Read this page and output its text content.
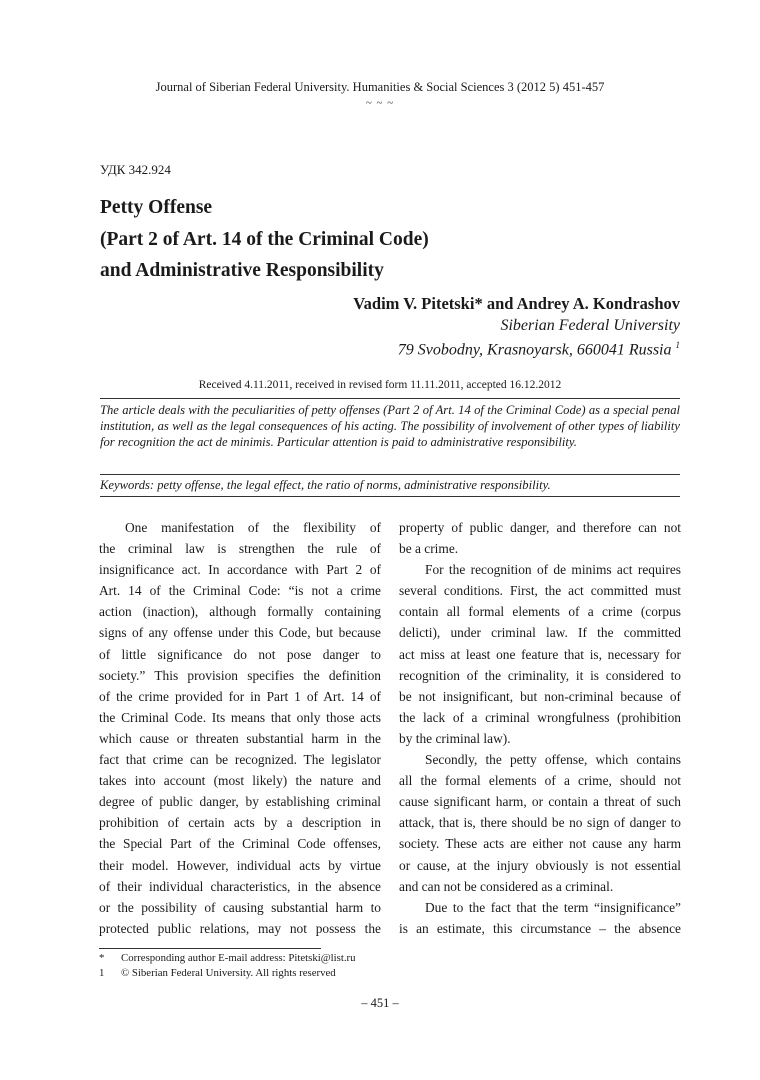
Journal of Siberian Federal University. Humanities & Social Sciences 3 (2012 5) 451-457
~ ~ ~
УДК 342.924
Petty Offense
(Part 2 of Art. 14 of the Criminal Code)
and Administrative Responsibility
Vadim V. Pitetski* and Andrey A. Kondrashov
Siberian Federal University
79 Svobodny, Krasnoyarsk, 660041 Russia $^1$
Received 4.11.2011, received in revised form 11.11.2011, accepted 16.12.2012
The article deals with the peculiarities of petty offenses (Part 2 of Art. 14 of the Criminal Code) as a special penal institution, as well as the legal consequences of his acting. The possibility of involvement of other types of liability for recognition the act de minimis. Particular attention is paid to administrative responsibility.
Keywords: petty offense, the legal effect, the ratio of norms, administrative responsibility.
One manifestation of the flexibility of
the criminal law is strengthen the rule of
insignificance act. In accordance with Part 2 of
Art. 14 of the Criminal Code: “is not a crime
action (inaction), although formally containing
signs of any offense under this Code, but because
of little significance do not pose danger to
society.” This provision specifies the definition
of the crime provided for in Part 1 of Art. 14 of
the Criminal Code. Its means that only those acts
which cause or threaten substantial harm in the
fact that crime can be recognized. The legislator
takes into account (most likely) the nature and
degree of public danger, by establishing criminal
prohibition of certain acts by a description in
the Special Part of the Criminal Code offenses,
their model. However, individual acts by virtue
of their individual characteristics, in the absence
or the possibility of causing substantial harm to
protected public relations, may not possess the
property of public danger, and therefore can not
be a crime.
For the recognition of de minims act requires
several conditions. First, the act committed must
contain all formal elements of a crime (corpus
delicti), under criminal law. If the committed
act miss at least one feature that is, necessary for
recognition of the criminality, it is considered to
be not insignificant, but non-criminal because of
the lack of a criminal wrongfulness (prohibition
by the criminal law).
Secondly, the petty offense, which contains
all the formal elements of a crime, should not
cause significant harm, or contain a threat of such
attack, that is, there should be no sign of danger to
society. These acts are either not cause any harm
or cause, at the injury obviously is not essential
and can not be considered as a criminal.
Due to the fact that the term “insignificance”
is an estimate, this circumstance – the absence
* Corresponding author E-mail address: Pitetski@list.ru
1 © Siberian Federal University. All rights reserved
– 451 –
